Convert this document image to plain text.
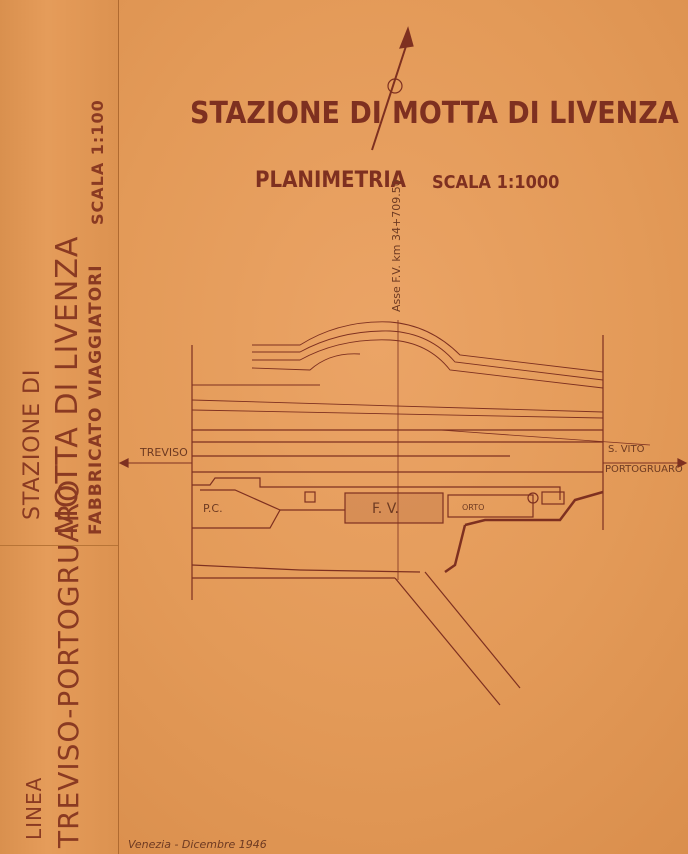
STAZIONE DI MOTTA DI LIVENZA FABBRICATO VIAGGIATORI
SCALA 1:100
LINEA TREVISO-PORTOGRUARO
STAZIONE DI MOTTA DI LIVENZA
PLANIMETRIA SCALA 1:1000
Asse F.V. km 34+709.50
TREVISO	S. VITO
PORTOGRUARO
F. V.
P.C.	ORTO
Venezia - Dicembre 1946
